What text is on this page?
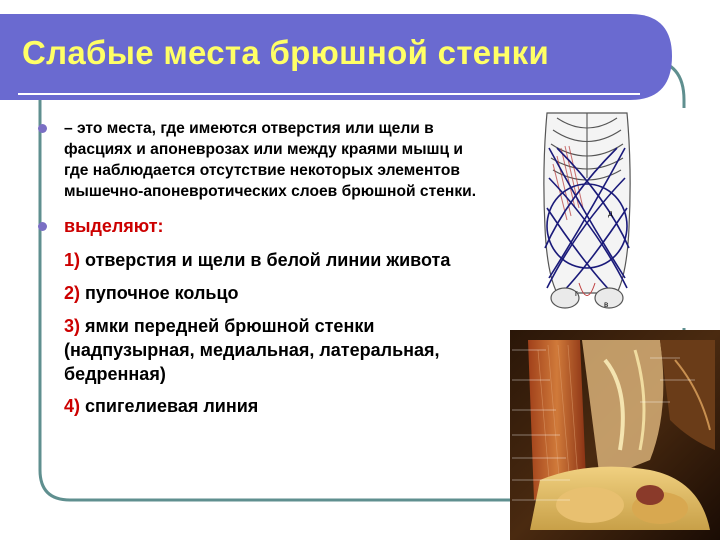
Слабые места брюшной стенки
– это места, где имеются отверстия или щели в фасциях и апоневрозах или между краями мышц и где наблюдается отсутствие некоторых элементов мышечно-апоневротических слоев брюшной стенки.
выделяют:
1) отверстия и щели в белой линии живота
2) пупочное кольцо
3) ямки передней брюшной стенки (надпузырная, медиальная, латеральная, бедренная)
4) спигелиевая линия
д
г
в
